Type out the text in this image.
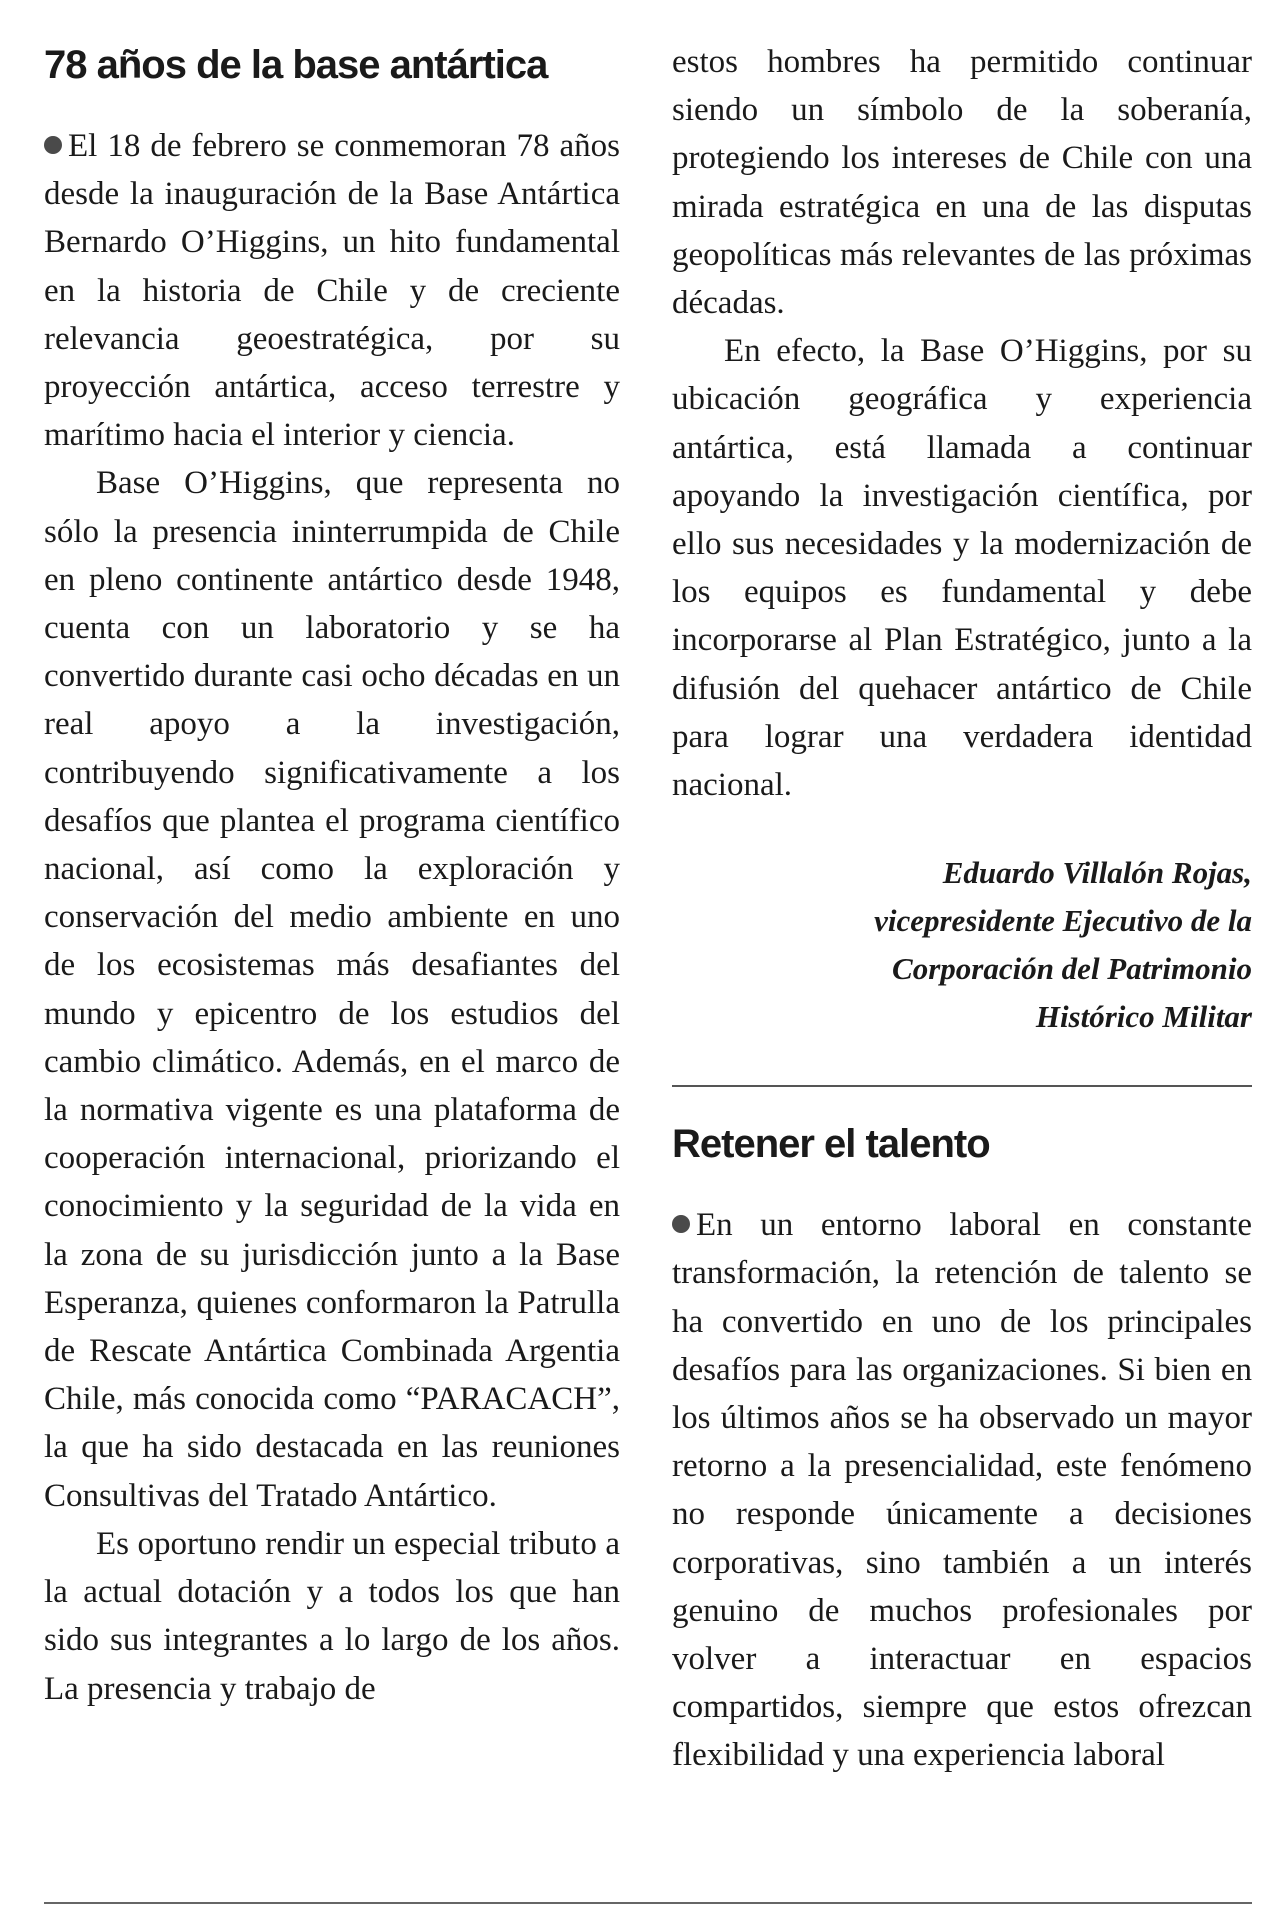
78 años de la base antártica

El 18 de febrero se conmemoran 78 años desde la inauguración de la Base Antártica Bernardo O’Higgins, un hito fundamental en la historia de Chile y de creciente relevancia geoestratégica, por su proyección antártica, acceso terrestre y marítimo hacia el interior y ciencia.

Base O’Higgins, que representa no sólo la presencia ininterrumpida de Chile en pleno continente antártico desde 1948, cuenta con un laboratorio y se ha convertido durante casi ocho décadas en un real apoyo a la investigación, contribuyendo significativamente a los desafíos que plantea el programa científico nacional, así como la exploración y conservación del medio ambiente en uno de los ecosistemas más desafiantes del mundo y epicentro de los estudios del cambio climático. Además, en el marco de la normativa vigente es una plataforma de cooperación internacional, priorizando el conocimiento y la seguridad de la vida en la zona de su jurisdicción junto a la Base Esperanza, quienes conformaron la Patrulla de Rescate Antártica Combinada Argentia Chile, más conocida como “PARACACH”, la que ha sido destacada en las reuniones Consultivas del Tratado Antártico.

Es oportuno rendir un especial tributo a la actual dotación y a todos los que han sido sus integrantes a lo largo de los años. La presencia y trabajo de

estos hombres ha permitido continuar siendo un símbolo de la soberanía, protegiendo los intereses de Chile con una mirada estratégica en una de las disputas geopolíticas más relevantes de las próximas décadas.

En efecto, la Base O’Higgins, por su ubicación geográfica y experiencia antártica, está llamada a continuar apoyando la investigación científica, por ello sus necesidades y la modernización de los equipos es fundamental y debe incorporarse al Plan Estratégico, junto a la difusión del quehacer antártico de Chile para lograr una verdadera identidad nacional.

Eduardo Villalón Rojas,
vicepresidente Ejecutivo de la
Corporación del Patrimonio
Histórico Militar
Retener el talento

En un entorno laboral en constante transformación, la retención de talento se ha convertido en uno de los principales desafíos para las organizaciones. Si bien en los últimos años se ha observado un mayor retorno a la presencialidad, este fenómeno no responde únicamente a decisiones corporativas, sino también a un interés genuino de muchos profesionales por volver a interactuar en espacios compartidos, siempre que estos ofrezcan flexibilidad y una experiencia laboral
